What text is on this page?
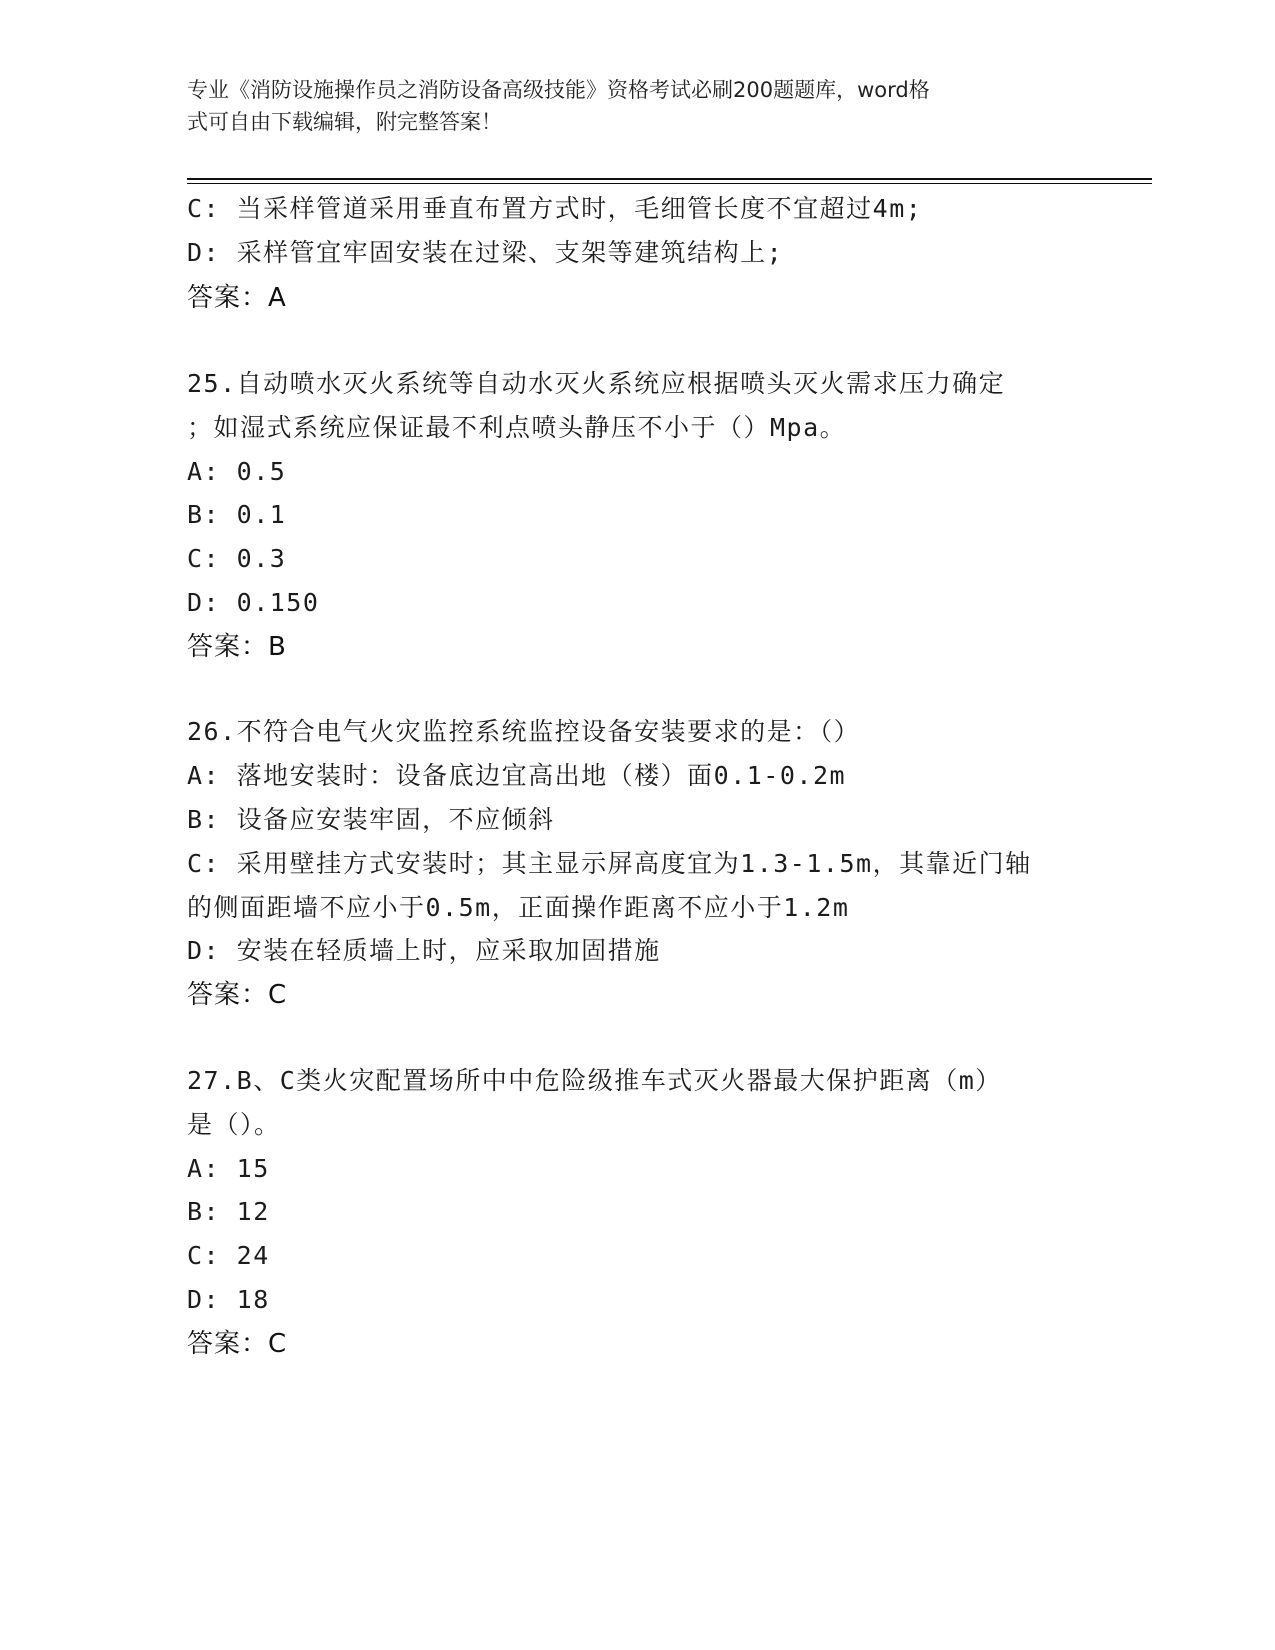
专业《消防设施操作员之消防设备高级技能》资格考试必刷200题题库，word格
式可自由下载编辑，附完整答案！
C: 当采样管道采用垂直布置方式时，毛细管长度不宜超过4m;
D: 采样管宜牢固安装在过梁、支架等建筑结构上;
答案：A
25.自动喷水灭火系统等自动水灭火系统应根据喷头灭火需求压力确定
；如湿式系统应保证最不利点喷头静压不小于（）Mpa。
A: 0.5
B: 0.1
C: 0.3
D: 0.150
答案：B
26.不符合电气火灾监控系统监控设备安装要求的是：（）
A: 落地安装时：设备底边宜高出地（楼）面0.1-0.2m
B: 设备应安装牢固，不应倾斜
C: 采用壁挂方式安装时；其主显示屏高度宜为1.3-1.5m，其靠近门轴
的侧面距墙不应小于0.5m，正面操作距离不应小于1.2m
D: 安装在轻质墙上时，应采取加固措施
答案：C
27.B、C类火灾配置场所中中危险级推车式灭火器最大保护距离（m）
是（）。
A: 15
B: 12
C: 24
D: 18
答案：C
